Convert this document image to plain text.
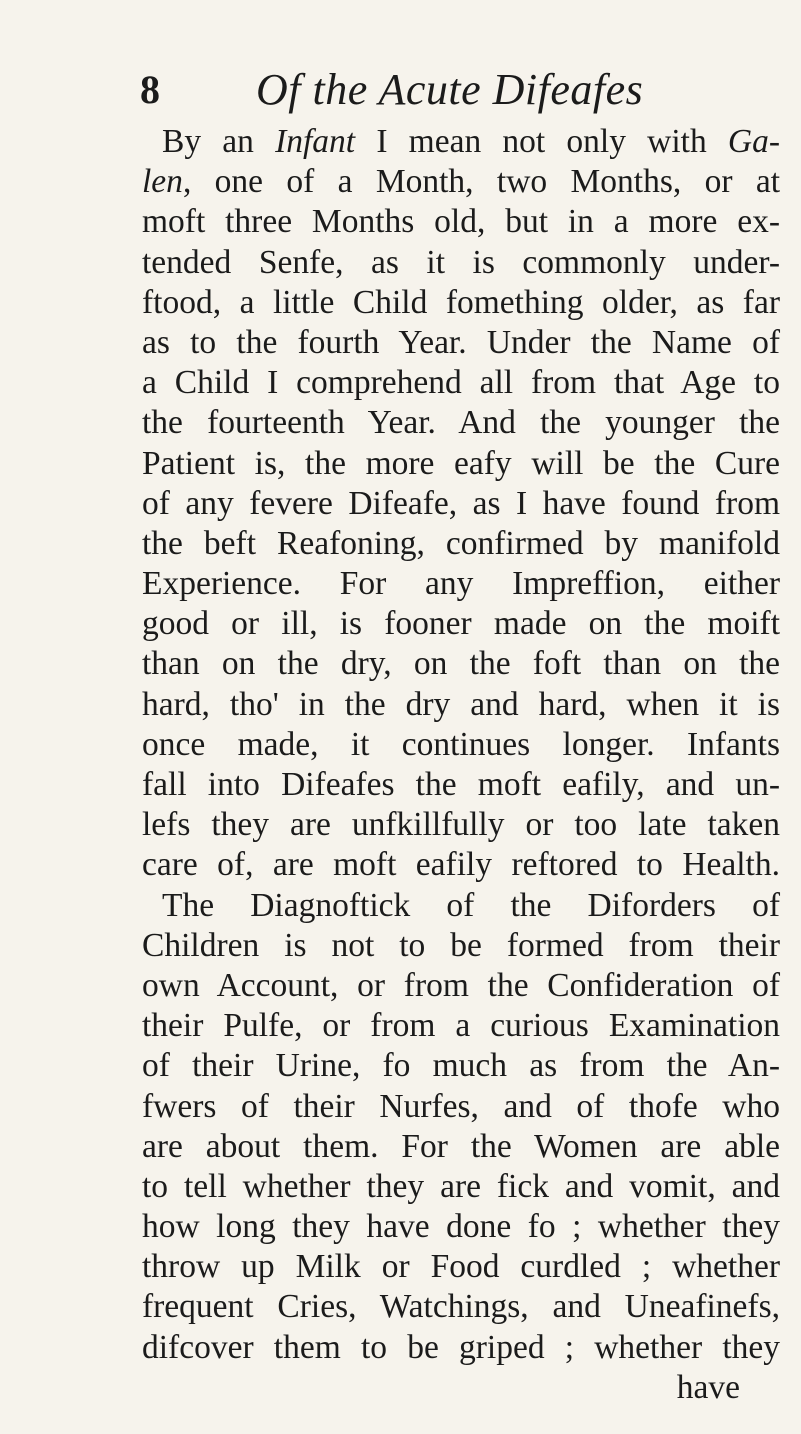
8 Of the Acute Difeafes
By an Infant I mean not only with Ga-
len, one of a Month, two Months, or at
moft three Months old, but in a more ex-
tended Senfe, as it is commonly under-
ftood, a little Child fomething older, as far
as to the fourth Year. Under the Name of
a Child I comprehend all from that Age to
the fourteenth Year. And the younger the
Patient is, the more eafy will be the Cure
of any fevere Difeafe, as I have found from
the beft Reafoning, confirmed by manifold
Experience. For any Impreffion, either
good or ill, is fooner made on the moift
than on the dry, on the foft than on the
hard, tho' in the dry and hard, when it is
once made, it continues longer. Infants
fall into Difeafes the moft eafily, and un-
lefs they are unfkillfully or too late taken
care of, are moft eafily reftored to Health.
The Diagnoftick of the Diforders of
Children is not to be formed from their
own Account, or from the Confideration of
their Pulfe, or from a curious Examination
of their Urine, fo much as from the An-
fwers of their Nurfes, and of thofe who
are about them. For the Women are able
to tell whether they are fick and vomit, and
how long they have done fo ; whether they
throw up Milk or Food curdled ; whether
frequent Cries, Watchings, and Uneafinefs,
difcover them to be griped ; whether they
have
